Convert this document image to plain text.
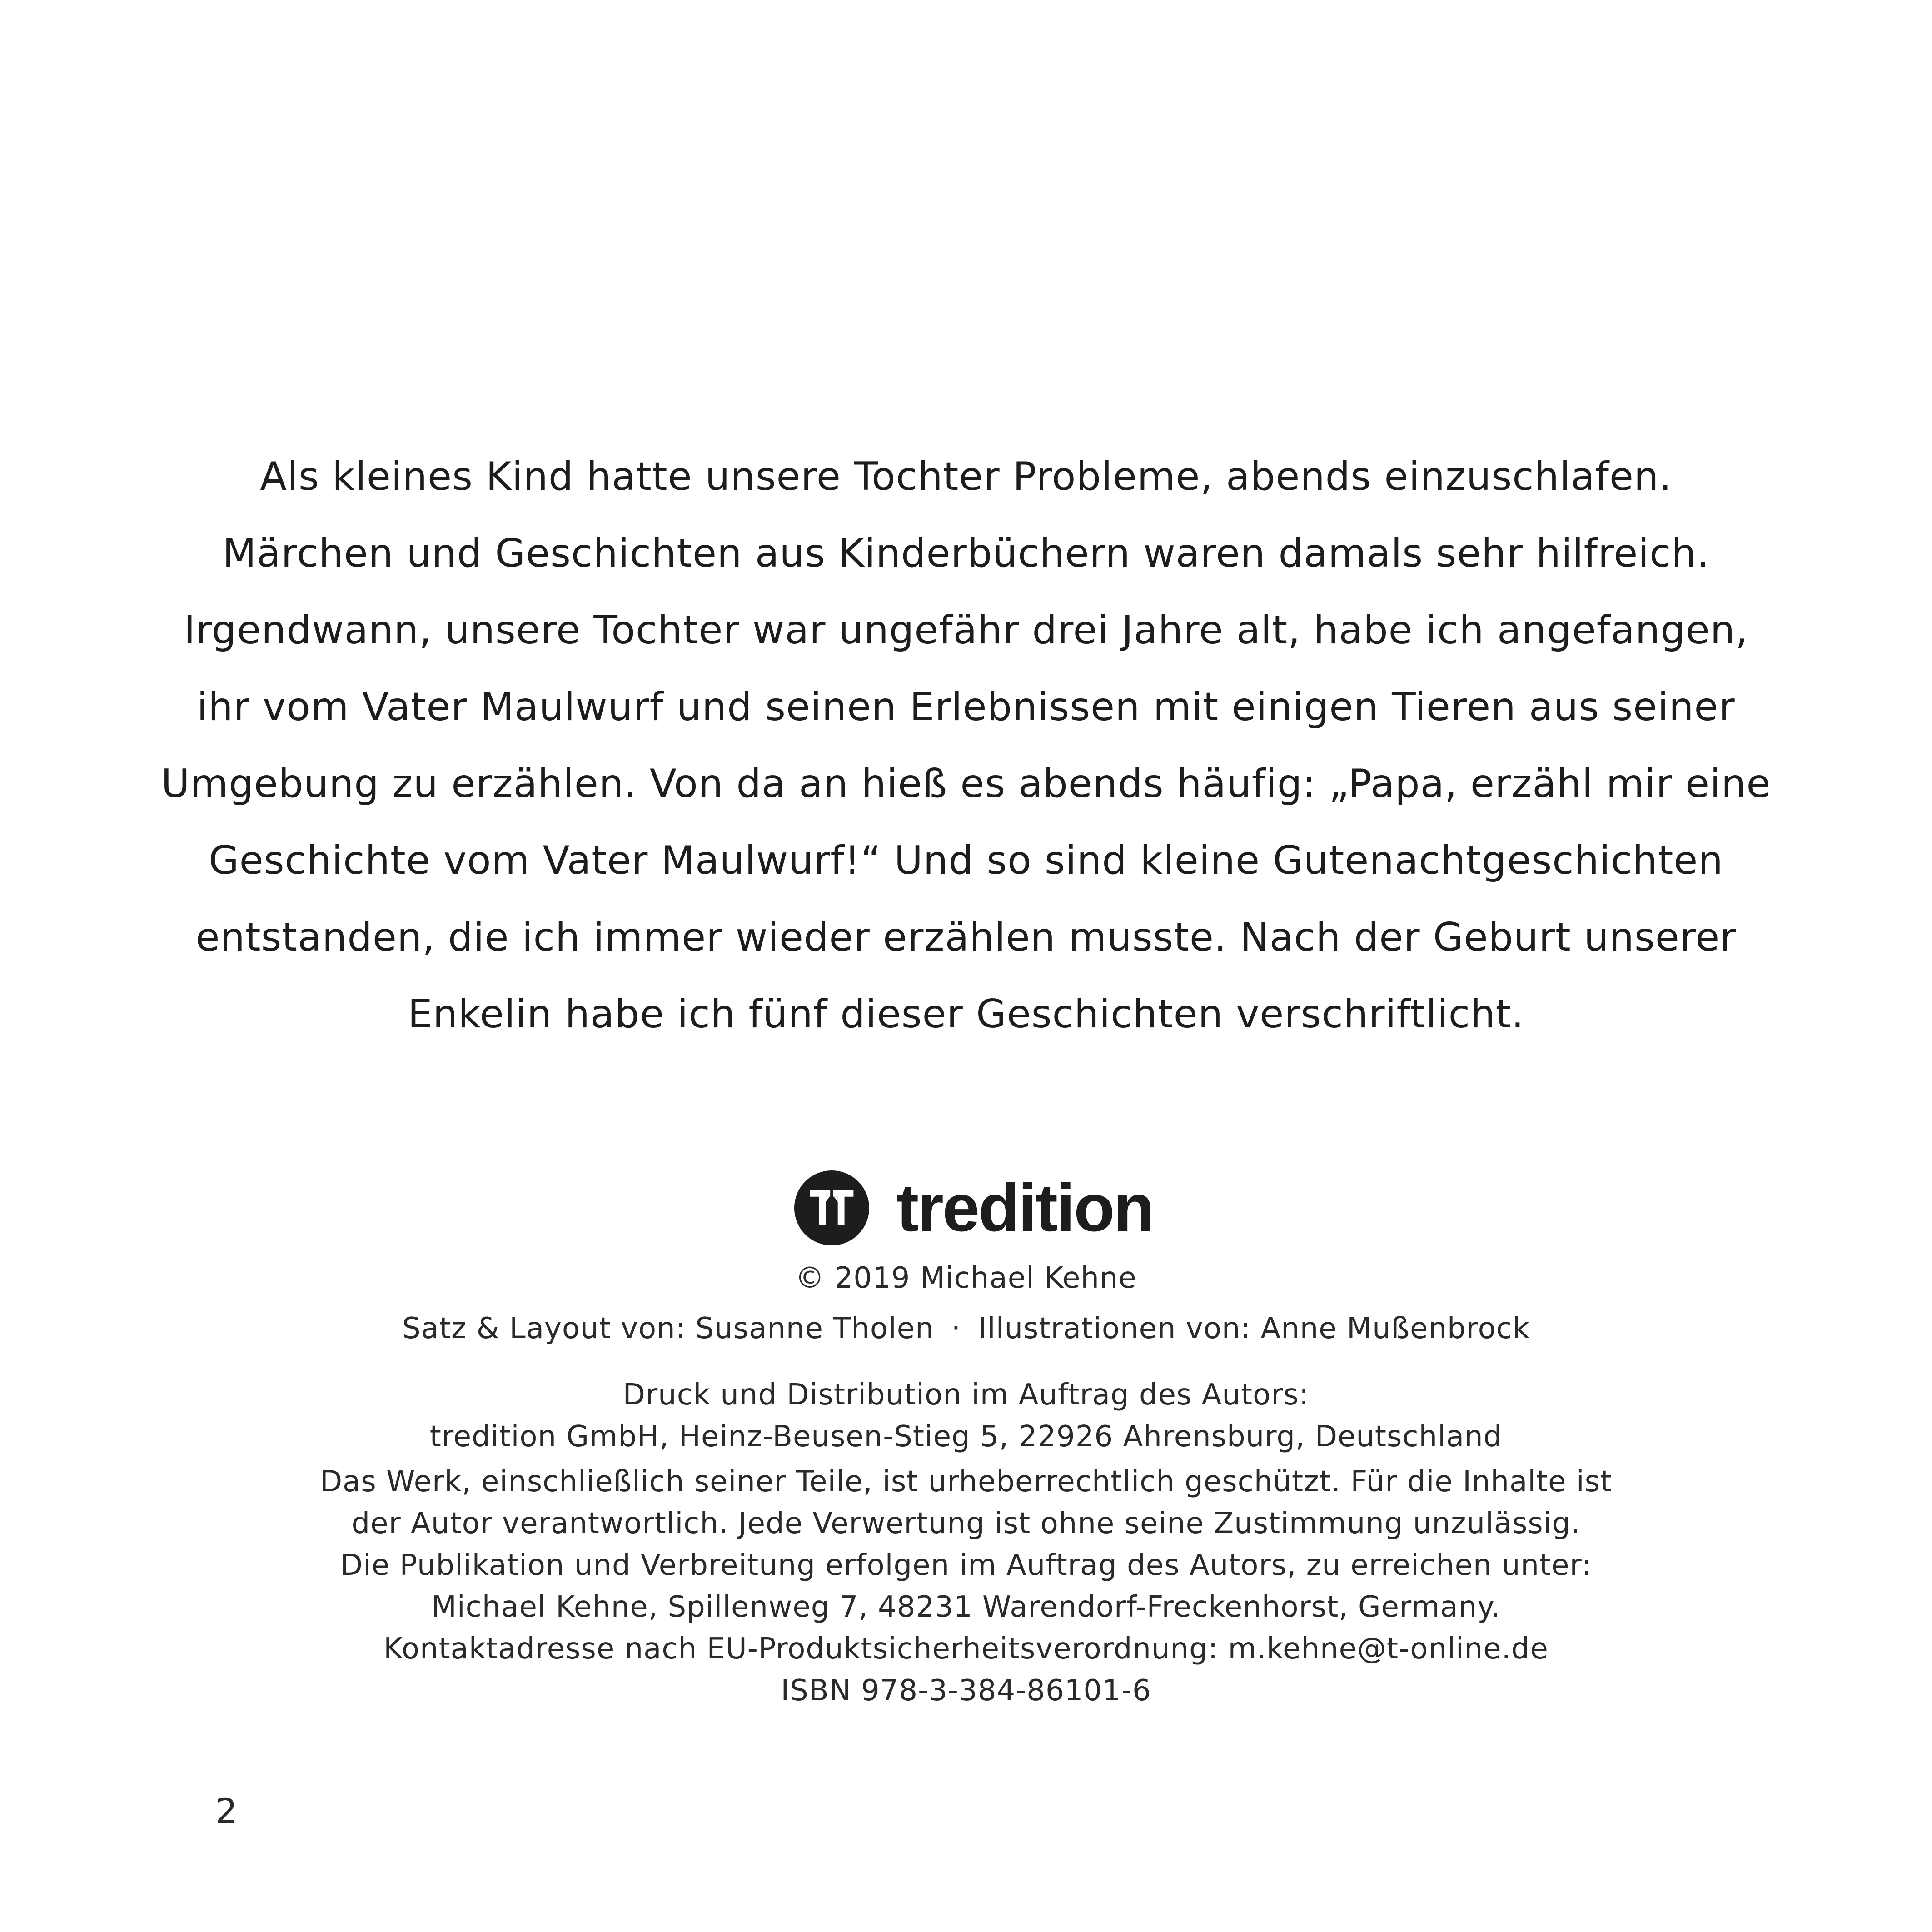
Als kleines Kind hatte unsere Tochter Probleme, abends einzuschlafen.
Märchen und Geschichten aus Kinderbüchern waren damals sehr hilfreich.
Irgendwann, unsere Tochter war ungefähr drei Jahre alt, habe ich angefangen,
ihr vom Vater Maulwurf und seinen Erlebnissen mit einigen Tieren aus seiner
Umgebung zu erzählen. Von da an hieß es abends häufig: „Papa, erzähl mir eine
Geschichte vom Vater Maulwurf!“ Und so sind kleine Gutenachtgeschichten
entstanden, die ich immer wieder erzählen musste. Nach der Geburt unserer
Enkelin habe ich fünf dieser Geschichten verschriftlicht.
tredition
© 2019 Michael Kehne
Satz & Layout von: Susanne Tholen · Illustrationen von: Anne Mußenbrock
Druck und Distribution im Auftrag des Autors:
tredition GmbH, Heinz-Beusen-Stieg 5, 22926 Ahrensburg, Deutschland
Das Werk, einschließlich seiner Teile, ist urheberrechtlich geschützt. Für die Inhalte ist
der Autor verantwortlich. Jede Verwertung ist ohne seine Zustimmung unzulässig.
Die Publikation und Verbreitung erfolgen im Auftrag des Autors, zu erreichen unter:
Michael Kehne, Spillenweg 7, 48231 Warendorf-Freckenhorst, Germany.
Kontaktadresse nach EU-Produktsicherheitsverordnung: m.kehne@t-online.de
ISBN 978-3-384-86101-6
2
